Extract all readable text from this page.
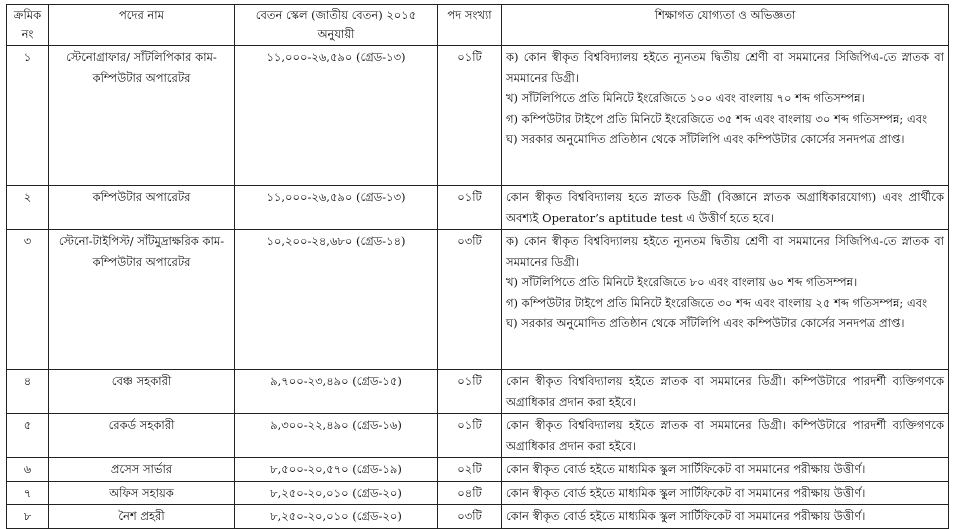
ক্রমিক নং	পদের নাম	বেতন স্কেল (জাতীয় বেতন) ২০১৫ অনুযায়ী	পদ সংখ্যা	শিক্ষাগত যোগ্যতা ও অভিজ্ঞতা
১	স্টেনোগ্রাফার/ সাঁটলিপিকার কাম-কম্পিউটার অপারেটর	১১,০০০-২৬,৫৯০ (গ্রেড-১৩)	০১টি	ক) কোন স্বীকৃত বিশ্ববিদ্যালয় হইতে ন্যূনতম দ্বিতীয় শ্রেণী বা সমমানের সিজিপিএ-তে স্নাতক বা সমমানের ডিগ্রী।
খ) সাঁটলিপিতে প্রতি মিনিটে ইংরেজিতে ১০০ এবং বাংলায় ৭০ শব্দ গতিসম্পন্ন।
গ) কম্পিউটার টাইপে প্রতি মিনিটে ইংরেজিতে ৩৫ শব্দ এবং বাংলায় ৩০ শব্দ গতিসম্পন্ন; এবং
ঘ) সরকার অনুমোদিত প্রতিষ্ঠান থেকে সাঁটলিপি এবং কম্পিউটার কোর্সের সনদপত্র প্রাপ্ত।

২	কম্পিউটার অপারেটর	১১,০০০-২৬,৫৯০ (গ্রেড-১৩)	০১টি	কোন স্বীকৃত বিশ্ববিদ্যালয় হতে স্নাতক ডিগ্রী (বিজ্ঞানে স্নাতক অগ্রাধিকারযোগ্য) এবং প্রার্থীকে অবশ্যই Operator’s aptitude test এ উত্তীর্ণ হতে হবে।

৩	স্টেনো-টাইপিস্ট/ সাঁটমুদ্রাক্ষরিক কাম-কম্পিউটার অপারেটর	১০,২০০-২৪,৬৮০ (গ্রেড-১৪)	০৩টি	ক) কোন স্বীকৃত বিশ্ববিদ্যালয় হইতে ন্যূনতম দ্বিতীয় শ্রেণী বা সমমানের সিজিপিএ-তে স্নাতক বা সমমানের ডিগ্রী।
খ) সাঁটলিপিতে প্রতি মিনিটে ইংরেজিতে ৮০ এবং বাংলায় ৬০ শব্দ গতিসম্পন্ন।
গ) কম্পিউটার টাইপে প্রতি মিনিটে ইংরেজিতে ৩০ শব্দ এবং বাংলায় ২৫ শব্দ গতিসম্পন্ন; এবং
ঘ) সরকার অনুমোদিত প্রতিষ্ঠান থেকে সাঁটলিপি এবং কম্পিউটার কোর্সের সনদপত্র প্রাপ্ত।

৪	বেঞ্চ সহকারী	৯,৭০০-২৩,৪৯০ (গ্রেড-১৫)	০১টি	কোন স্বীকৃত বিশ্ববিদ্যালয় হইতে স্নাতক বা সমমানের ডিগ্রী। কম্পিউটারে পারদর্শী ব্যক্তিগণকে অগ্রাধিকার প্রদান করা হইবে।

৫	রেকর্ড সহকারী	৯,৩০০-২২,৪৯০ (গ্রেড-১৬)	০১টি	কোন স্বীকৃত বিশ্ববিদ্যালয় হইতে স্নাতক বা সমমানের ডিগ্রী। কম্পিউটারে পারদর্শী ব্যক্তিগণকে অগ্রাধিকার প্রদান করা হইবে।

৬	প্রসেস সার্ভার	৮,৫০০-২০,৫৭০ (গ্রেড-১৯)	০২টি	কোন স্বীকৃত বোর্ড হইতে মাধ্যমিক স্কুল সার্টিফিকেট বা সমমানের পরীক্ষায় উত্তীর্ণ।

৭	অফিস সহায়ক	৮,২৫০-২০,০১০ (গ্রেড-২০)	০৪টি	কোন স্বীকৃত বোর্ড হইতে মাধ্যমিক স্কুল সার্টিফিকেট বা সমমানের পরীক্ষায় উত্তীর্ণ।

৮	নৈশ প্রহরী	৮,২৫০-২০,০১০ (গ্রেড-২০)	০৩টি	কোন স্বীকৃত বোর্ড হইতে মাধ্যমিক স্কুল সার্টিফিকেট বা সমমানের পরীক্ষায় উত্তীর্ণ।
